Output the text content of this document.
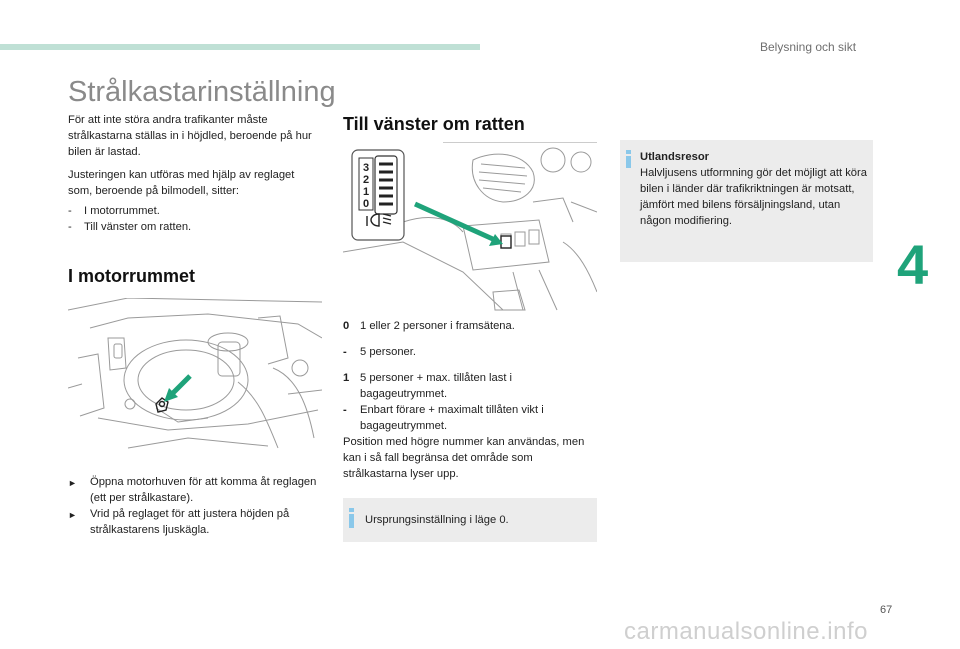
Belysning och sikt
4
Strålkastarinställning

För att inte störa andra trafikanter måste strålkastarna ställas in i höjdled, beroende på hur bilen är lastad.

Justeringen kan utföras med hjälp av reglaget som, beroende på bilmodell, sitter:

- I motorrummet.
- Till vänster om ratten.
I motorrummet
► Öppna motorhuven för att komma åt reglagen (ett per strålkastare).
► Vrid på reglaget för att justera höjden på strålkastarens ljuskägla.
Till vänster om ratten
3
2
1
0
0 1 eller 2 personer i framsätena.
- 5 personer.
1 5 personer + max. tillåten last i bagageutrymmet.
- Enbart förare + maximalt tillåten vikt i bagageutrymmet.

Position med högre nummer kan användas, men kan i så fall begränsa det område som strålkastarna lyser upp.

Ursprungsinställning i läge 0.

Utlandsresor
Halvljusens utformning gör det möjligt att köra bilen i länder där trafikriktningen är motsatt, jämfört med bilens försäljningsland, utan någon modifiering.
67
carmanualsonline.info
